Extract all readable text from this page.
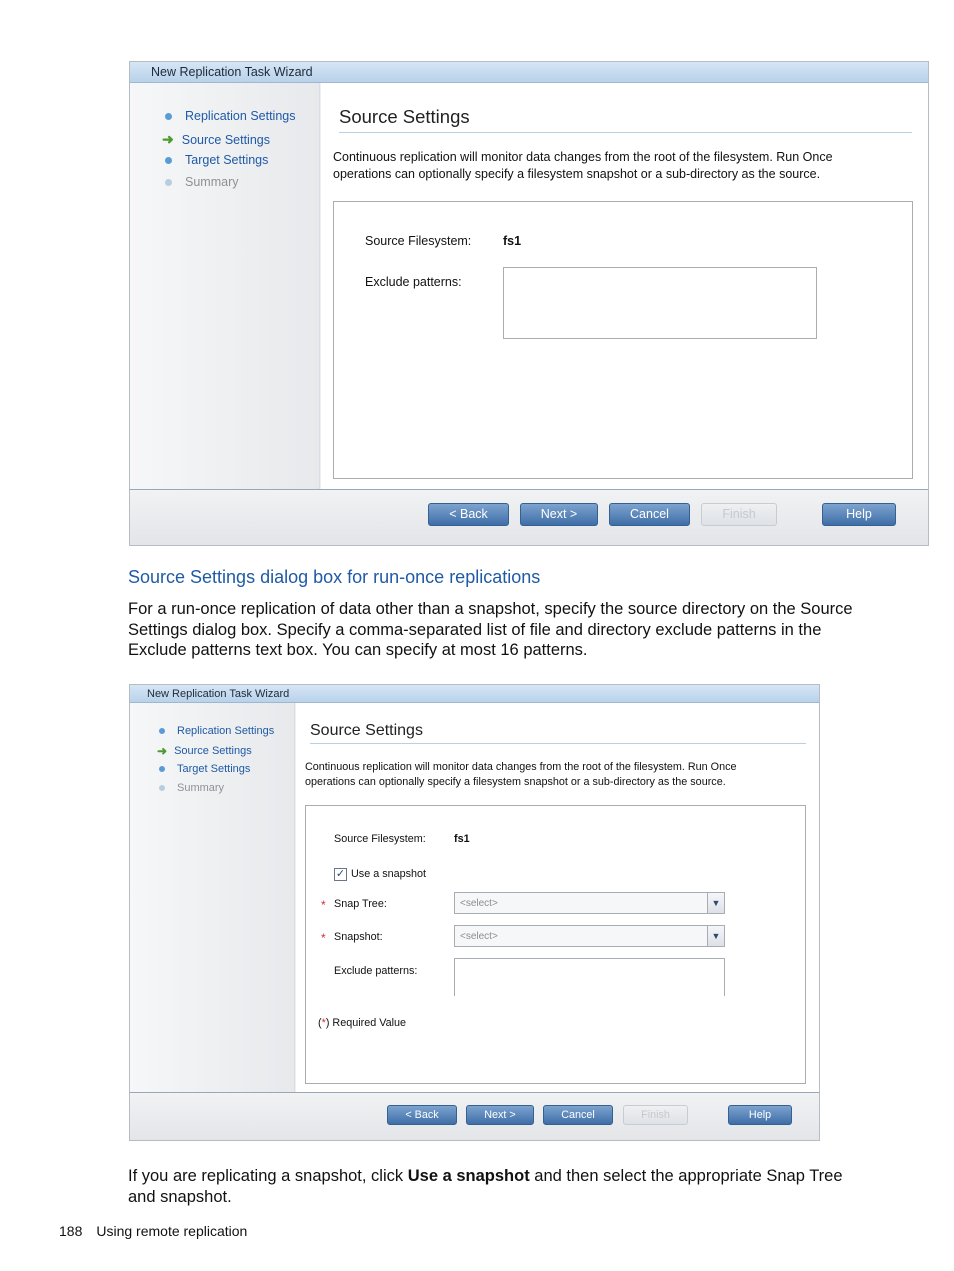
New Replication Task Wizard
Replication Settings
➜ Source Settings
Target Settings
Summary
Source Settings
Continuous replication will monitor data changes from the root of the filesystem. Run Once
operations can optionally specify a filesystem snapshot or a sub-directory as the source.
Source Filesystem:	fs1
Exclude patterns:
< Back	Next >	Cancel	Finish	Help
Source Settings dialog box for run-once replications
For a run-once replication of data other than a snapshot, specify the source directory on the Source
Settings dialog box. Specify a comma-separated list of file and directory exclude patterns in the
Exclude patterns text box. You can specify at most 16 patterns.
New Replication Task Wizard
Replication Settings
➜ Source Settings
Target Settings
Summary
Source Settings
Continuous replication will monitor data changes from the root of the filesystem. Run Once
operations can optionally specify a filesystem snapshot or a sub-directory as the source.
Source Filesystem:	fs1
✓ Use a snapshot
* Snap Tree:	<select>	▼
* Snapshot:	<select>	▼
Exclude patterns:
(*) Required Value
< Back	Next >	Cancel	Finish	Help
If you are replicating a snapshot, click Use a snapshot and then select the appropriate Snap Tree
and snapshot.
188 Using remote replication
